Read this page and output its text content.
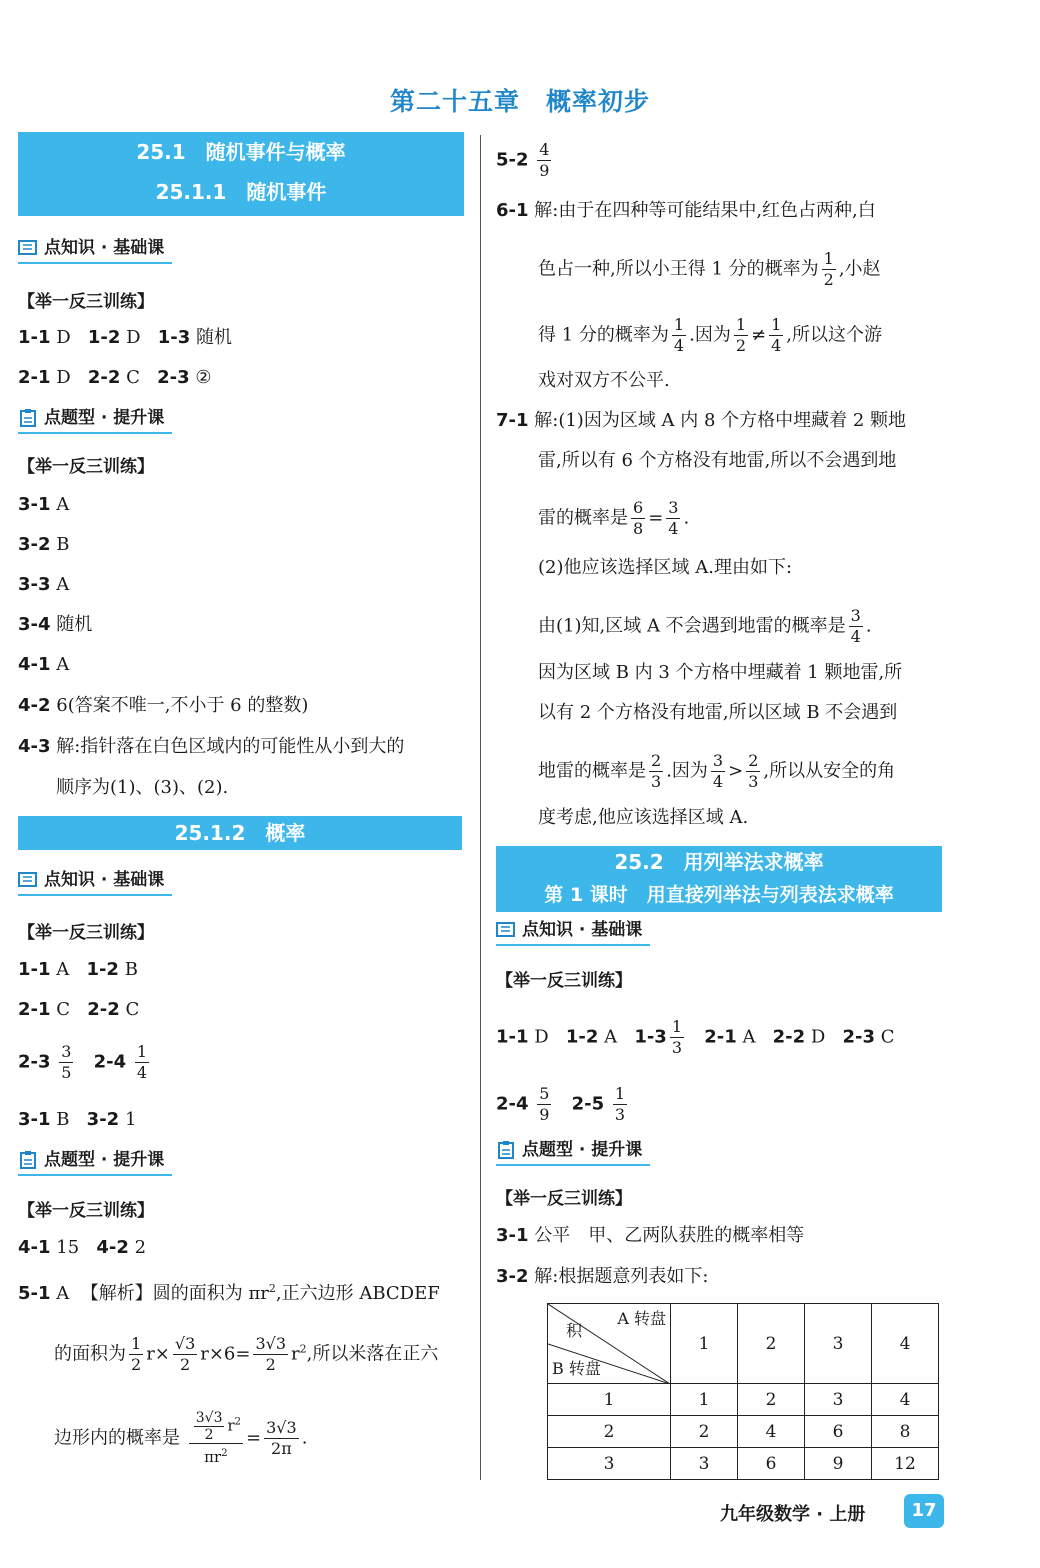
第二十五章　概率初步
25.1　随机事件与概率
25.1.1　随机事件
点知识 · 基础课
【举一反三训练】
1-1 D 1-2 D 1-3 随机
2-1 D 2-2 C 2-3 ②
点题型 · 提升课
【举一反三训练】
3-1 A
3-2 B
3-3 A
3-4 随机
4-1 A
4-2 6(答案不唯一,不小于 6 的整数)
4-3 解:指针落在白色区域内的可能性从小到大的
顺序为(1)、(3)、(2).
25.1.2　概率
点知识 · 基础课
【举一反三训练】
1-1 A 1-2 B
2-1 C 2-2 C
$2-3 \frac{3}{5} 2-4 \frac{1}{4}$
3-1 B 3-2 1
点题型 · 提升课
【举一反三训练】
4-1 15 4-2 2
5-1 A 【解析】圆的面积为 $\pi r^2$,正六边形 ABCDEF
的面积为 $\frac{1}{2} r\times \frac{√3}{2} r\times 6= \frac{3√3}{2} r^2$,所以米落在正六
边形内的概率是 $\frac{\frac{3√3}{2} r^2}{\pi r^2} = \frac{3√3}{2\pi}$ .
$5-2 \frac{4}{9}$
6-1 解:由于在四种等可能结果中,红色占两种,白
色占一种,所以小王得 1 分的概率为 $\frac{1}{2}$ ,小赵
得 1 分的概率为 $\frac{1}{4}$ .因为 $\frac{1}{2} \ne \frac{1}{4}$ ,所以这个游
戏对双方不公平.
7-1 解:(1)因为区域 A 内 8 个方格中埋藏着 2 颗地
雷,所以有 6 个方格没有地雷,所以不会遇到地
雷的概率是 $\frac{6}{8} = \frac{3}{4}$ .
(2)他应该选择区域 A.理由如下:
由(1)知,区域 A 不会遇到地雷的概率是 $\frac{3}{4}$ .
因为区域 B 内 3 个方格中埋藏着 1 颗地雷,所
以有 2 个方格没有地雷,所以区域 B 不会遇到
地雷的概率是 $\frac{2}{3}$ .因为 $\frac{3}{4} > \frac{2}{3}$ ,所以从安全的角
度考虑,他应该选择区域 A.
25.2　用列举法求概率
第 1 课时　用直接列举法与列表法求概率
点知识 · 基础课
【举一反三训练】
1-1 D 1-2 A $1-3 \frac{1}{3} 2-1$ A 2-2 D 2-3 C
$2-4 \frac{5}{9} 2-5 \frac{1}{3}$
点题型 · 提升课
【举一反三训练】
3-1 公平　甲、乙两队获胜的概率相等
3-2 解:根据题意列表如下:
A 转盘
积
B 转盘	1	2	3	4
1	1	2	3	4
2	2	4	6	8
3	3	6	9	12
九年级数学 · 上册	17
